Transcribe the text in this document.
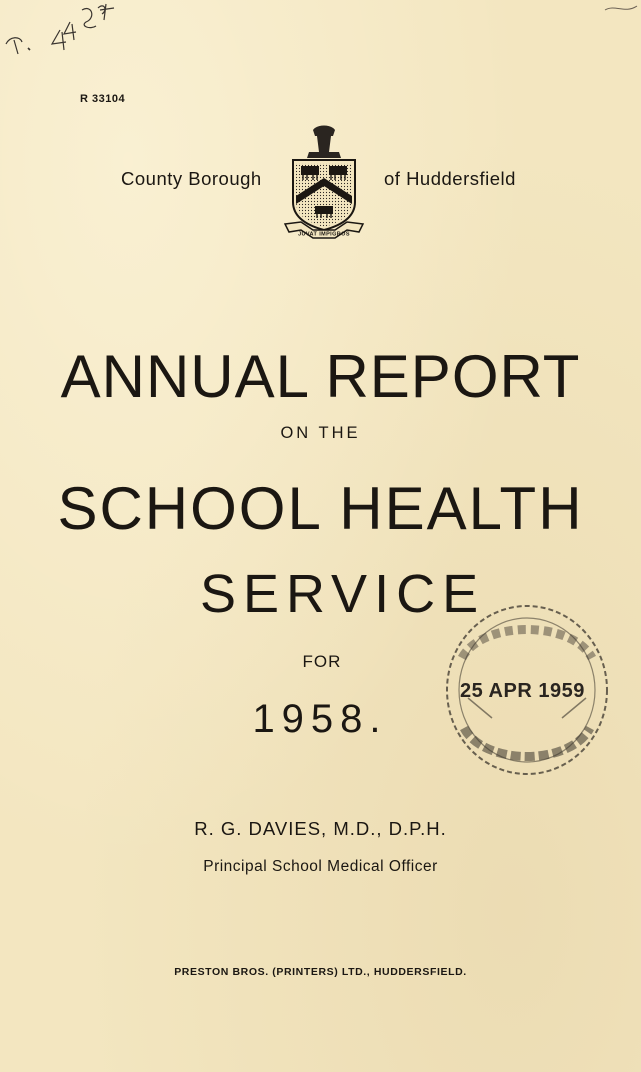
R 33104
County Borough
JUVAT IMPIGROS
of Huddersfield
ANNUAL REPORT
ON THE
SCHOOL HEALTH
SERVICE
FOR
1958.
25 APR 1959
R. G. DAVIES, M.D., D.P.H.
Principal School Medical Officer
PRESTON BROS. (PRINTERS) LTD., HUDDERSFIELD.
